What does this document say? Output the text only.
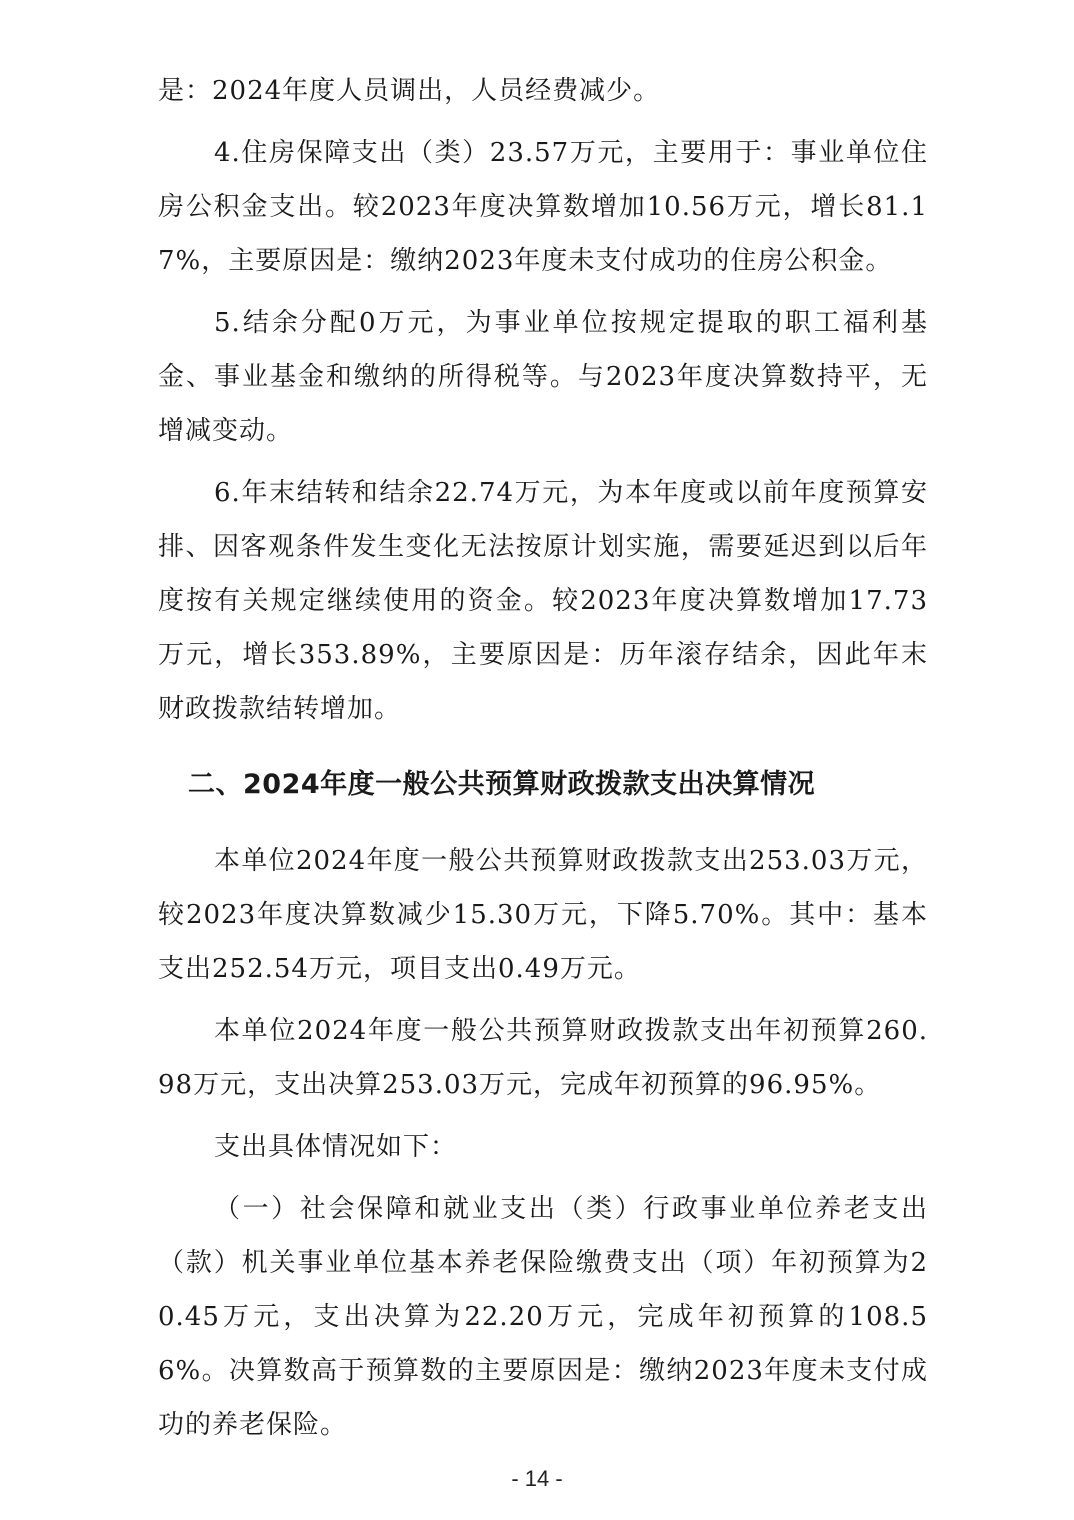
是：2024年度人员调出，人员经费减少。

4.住房保障支出（类）23.57万元，主要用于：事业单位住房公积金支出。较2023年度决算数增加10.56万元，增长81.17%，主要原因是：缴纳2023年度未支付成功的住房公积金。

5.结余分配0万元，为事业单位按规定提取的职工福利基金、事业基金和缴纳的所得税等。与2023年度决算数持平，无增减变动。

6.年末结转和结余22.74万元，为本年度或以前年度预算安排、因客观条件发生变化无法按原计划实施，需要延迟到以后年度按有关规定继续使用的资金。较2023年度决算数增加17.73万元，增长353.89%，主要原因是：历年滚存结余，因此年末财政拨款结转增加。

二、2024年度一般公共预算财政拨款支出决算情况

本单位2024年度一般公共预算财政拨款支出253.03万元，较2023年度决算数减少15.30万元，下降5.70%。其中：基本支出252.54万元，项目支出0.49万元。

本单位2024年度一般公共预算财政拨款支出年初预算260.98万元，支出决算253.03万元，完成年初预算的96.95%。

支出具体情况如下：

（一）社会保障和就业支出（类）行政事业单位养老支出（款）机关事业单位基本养老保险缴费支出（项）年初预算为20.45万元，支出决算为22.20万元，完成年初预算的108.56%。决算数高于预算数的主要原因是：缴纳2023年度未支付成功的养老保险。

- 14 -
